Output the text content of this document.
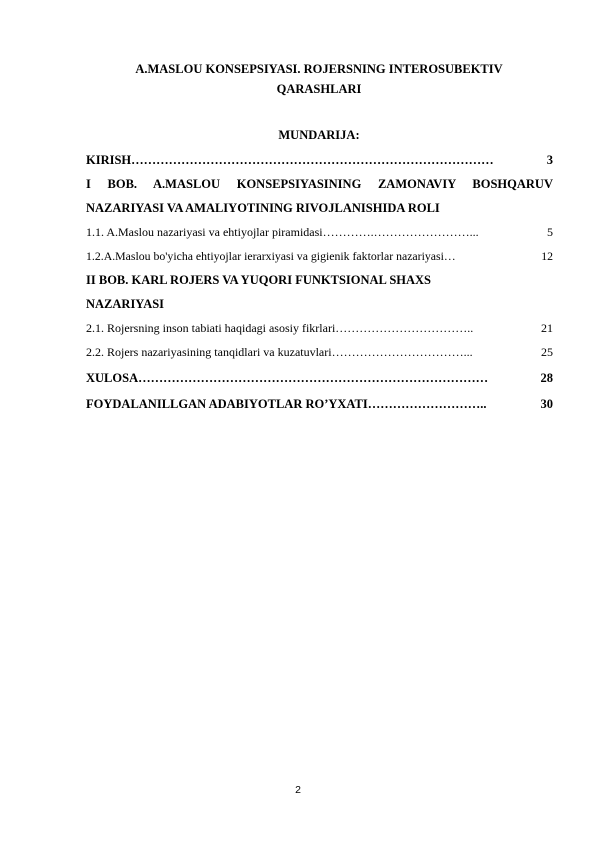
A.MASLOU KONSEPSIYASI. ROJERSNING INTEROSUBEKTIV
QARASHLARI
MUNDARIJA:
KIRISH ……………………………………………………………………………	3
I BOB. A.MASLOU KONSEPSIYASINING ZAMONAVIY BOSHQARUV
NAZARIYASI VA AMALIYOTINING RIVOJLANISHIDA ROLI
1.1. A.Maslou nazariyasi va ehtiyojlar piramidasi ………….……………………...	5
1.2.A.Maslou bo'yicha ehtiyojlar ierarxiyasi va gigienik faktorlar nazariyasi…	12
II BOB. KARL ROJERS VA YUQORI FUNKTSIONAL SHAXS
NAZARIYASI
2.1. Rojersning inson tabiati haqidagi asosiy fikrlari ……………………………..	21
2.2. Rojers nazariyasining tanqidlari va kuzatuvlari ……………………………...	25
XULOSA …………………………………………………………………………	28
FOYDALANILLGAN ADABIYOTLAR RO’YXATI ………………………..	30
2
